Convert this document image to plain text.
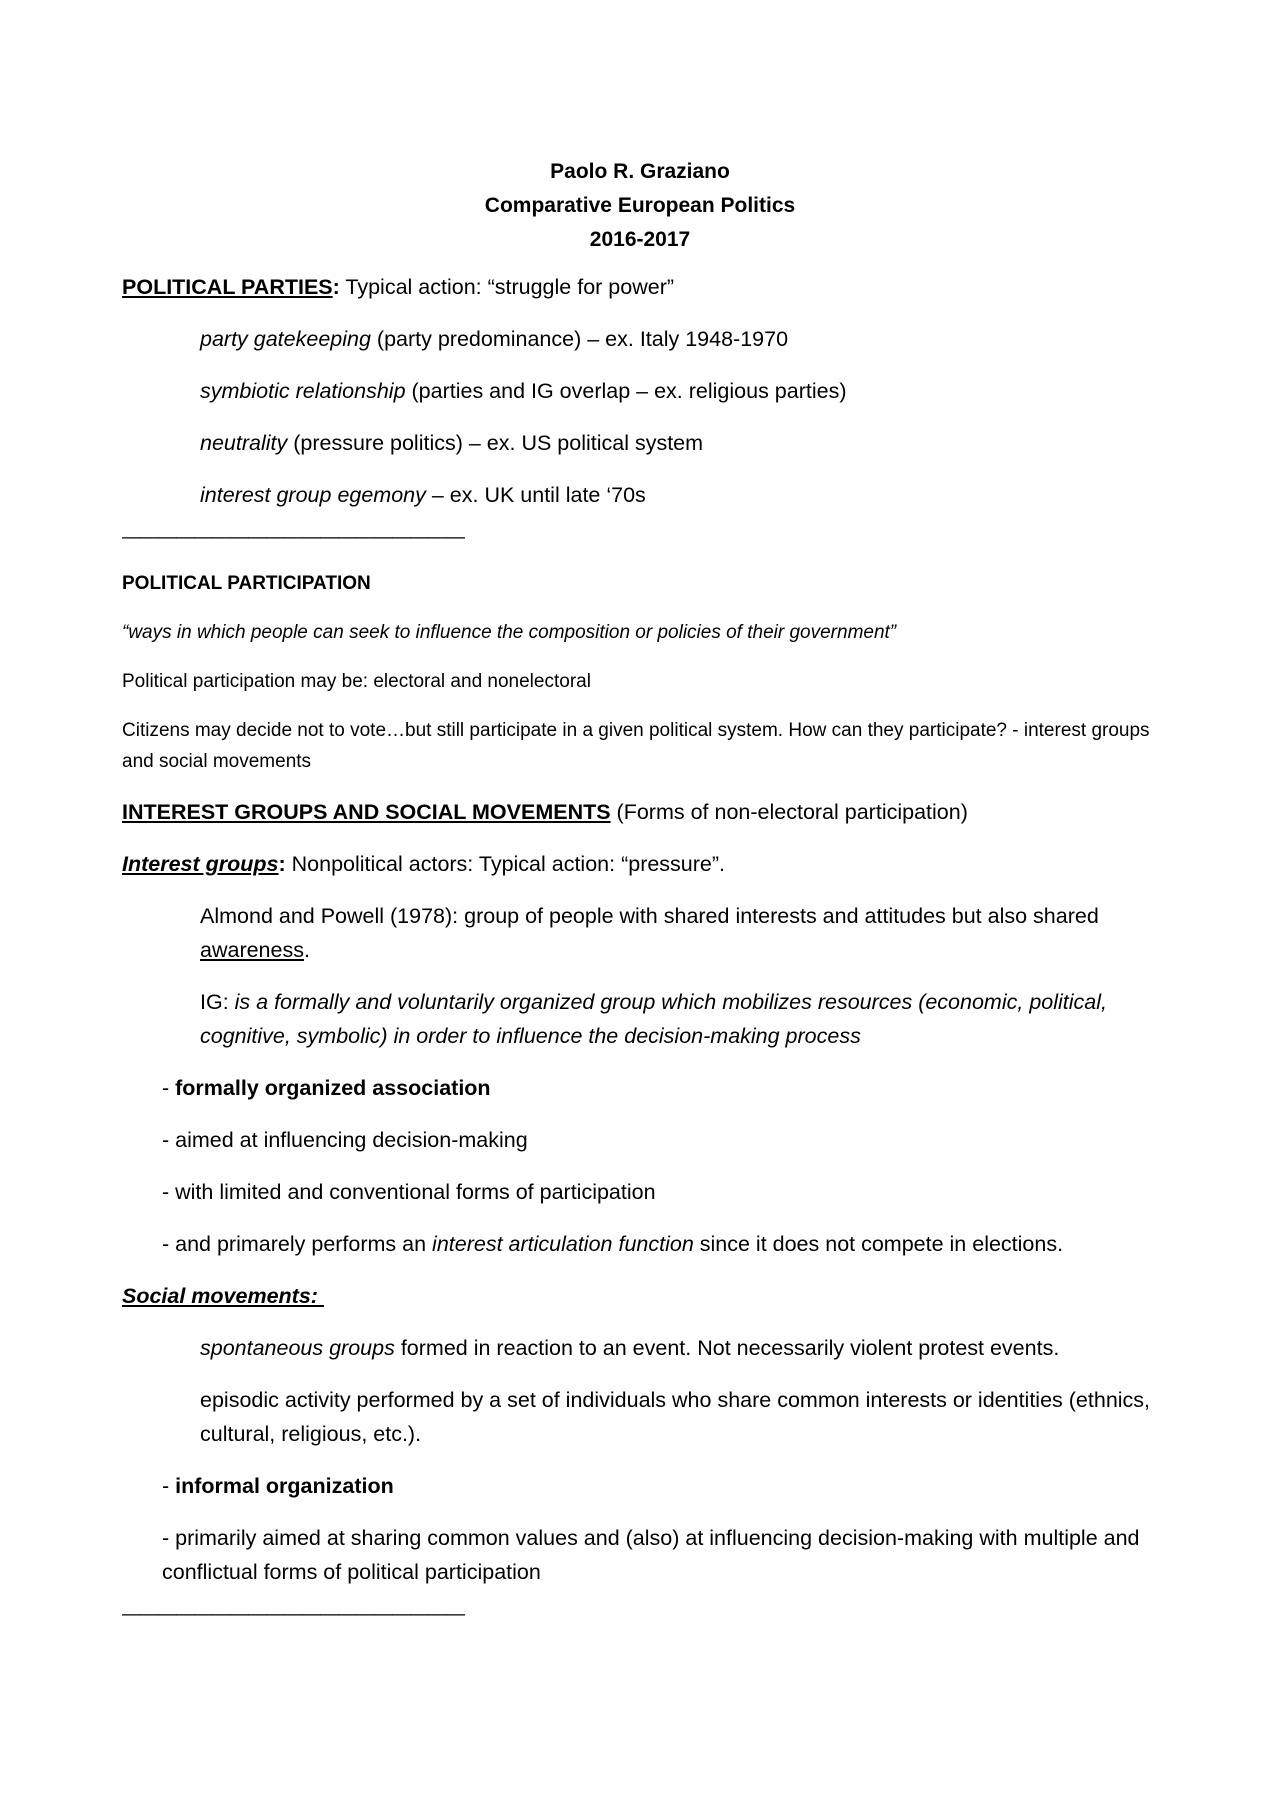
Paolo R. Graziano
Comparative European Politics
2016-2017

POLITICAL PARTIES: Typical action: “struggle for power”

party gatekeeping (party predominance) – ex. Italy 1948-1970
symbiotic relationship (parties and IG overlap – ex. religious parties)
neutrality (pressure politics) – ex. US political system
interest group egemony – ex. UK until late ‘70s
———————————————————

POLITICAL PARTICIPATION

“ways in which people can seek to influence the composition or policies of their government”

Political participation may be: electoral and nonelectoral

Citizens may decide not to vote…but still participate in a given political system. How can they participate? - interest groups and social movements

INTEREST GROUPS AND SOCIAL MOVEMENTS (Forms of non-electoral participation)

Interest groups: Nonpolitical actors: Typical action: “pressure”.

Almond and Powell (1978): group of people with shared interests and attitudes but also shared awareness.
IG: is a formally and voluntarily organized group which mobilizes resources (economic, political, cognitive, symbolic) in order to influence the decision-making process

- formally organized association

- aimed at influencing decision-making

- with limited and conventional forms of participation

- and primarely performs an interest articulation function since it does not compete in elections.

Social movements:

spontaneous groups formed in reaction to an event. Not necessarily violent protest events.
episodic activity performed by a set of individuals who share common interests or identities (ethnics, cultural, religious, etc.).

- informal organization

- primarily aimed at sharing common values and (also) at influencing decision-making with multiple and conflictual forms of political participation

———————————————————
